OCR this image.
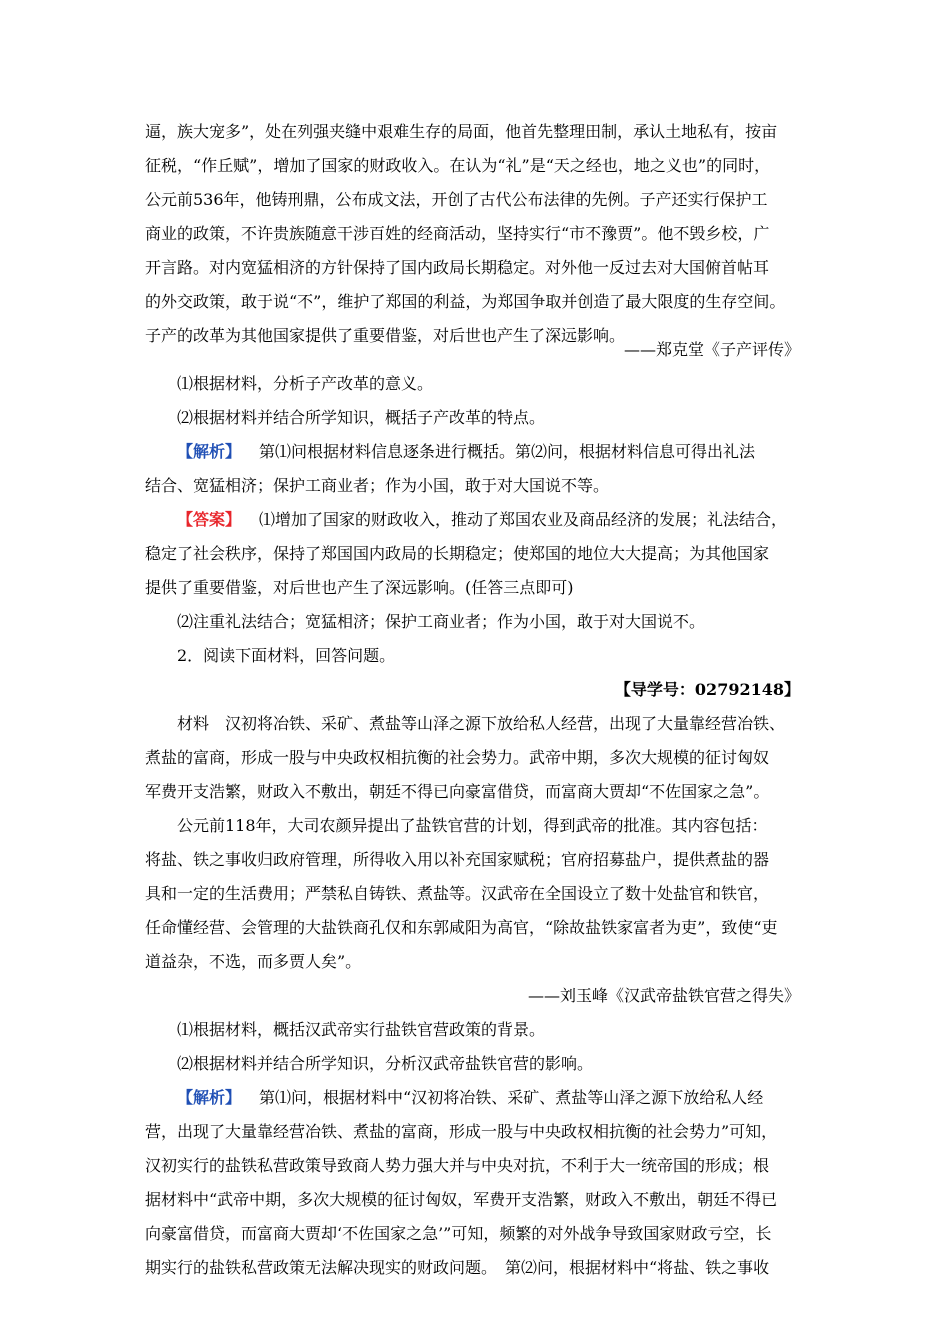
逼，族大宠多”，处在列强夹缝中艰难生存的局面，他首先整理田制，承认土地私有，按亩
征税，“作丘赋”，增加了国家的财政收入。在认为“礼”是“天之经也，地之义也”的同时，
公元前536年，他铸刑鼎，公布成文法，开创了古代公布法律的先例。子产还实行保护工
商业的政策，不许贵族随意干涉百姓的经商活动，坚持实行“市不豫贾”。他不毁乡校，广
开言路。对内宽猛相济的方针保持了国内政局长期稳定。对外他一反过去对大国俯首帖耳
的外交政策，敢于说“不”，维护了郑国的利益，为郑国争取并创造了最大限度的生存空间。
子产的改革为其他国家提供了重要借鉴，对后世也产生了深远影响。
——郑克堂《子产评传》
⑴根据材料，分析子产改革的意义。
⑵根据材料并结合所学知识，概括子产改革的特点。
【解析】 第⑴问根据材料信息逐条进行概括。第⑵问，根据材料信息可得出礼法
结合、宽猛相济；保护工商业者；作为小国，敢于对大国说不等。
【答案】 ⑴增加了国家的财政收入，推动了郑国农业及商品经济的发展；礼法结合，
稳定了社会秩序，保持了郑国国内政局的长期稳定；使郑国的地位大大提高；为其他国家
提供了重要借鉴，对后世也产生了深远影响。(任答三点即可)
⑵注重礼法结合；宽猛相济；保护工商业者；作为小国，敢于对大国说不。
2．阅读下面材料，回答问题。
【导学号：02792148】
材料　汉初将冶铁、采矿、煮盐等山泽之源下放给私人经营，出现了大量靠经营冶铁、
煮盐的富商，形成一股与中央政权相抗衡的社会势力。武帝中期，多次大规模的征讨匈奴
军费开支浩繁，财政入不敷出，朝廷不得已向豪富借贷，而富商大贾却“不佐国家之急”。
公元前118年，大司农颜异提出了盐铁官营的计划，得到武帝的批准。其内容包括：
将盐、铁之事收归政府管理，所得收入用以补充国家赋税；官府招募盐户，提供煮盐的器
具和一定的生活费用；严禁私自铸铁、煮盐等。汉武帝在全国设立了数十处盐官和铁官，
任命懂经营、会管理的大盐铁商孔仅和东郭咸阳为高官，“除故盐铁家富者为吏”，致使“吏
道益杂，不选，而多贾人矣”。
——刘玉峰《汉武帝盐铁官营之得失》
⑴根据材料，概括汉武帝实行盐铁官营政策的背景。
⑵根据材料并结合所学知识，分析汉武帝盐铁官营的影响。
【解析】 第⑴问，根据材料中“汉初将冶铁、采矿、煮盐等山泽之源下放给私人经
营，出现了大量靠经营冶铁、煮盐的富商，形成一股与中央政权相抗衡的社会势力”可知，
汉初实行的盐铁私营政策导致商人势力强大并与中央对抗，不利于大一统帝国的形成；根
据材料中“武帝中期，多次大规模的征讨匈奴，军费开支浩繁，财政入不敷出，朝廷不得已
向豪富借贷，而富商大贾却‘不佐国家之急’”可知，频繁的对外战争导致国家财政亏空，长
期实行的盐铁私营政策无法解决现实的财政问题。　第⑵问，根据材料中“将盐、铁之事收
